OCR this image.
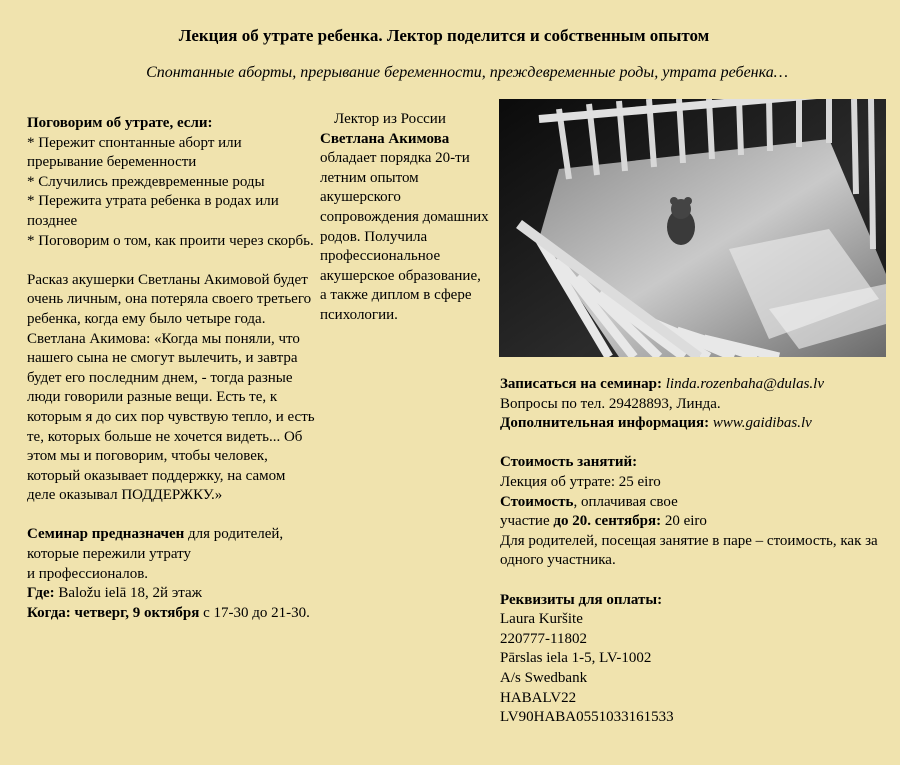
Лекция об утрате ребенка. Лектор поделится и собственным опытом
Спонтанные аборты, прерывание беременности, преждевременные роды, утрата ребенка…

Поговорим об утрате, если:

* Пережит спонтанные аборт или прерывание беременности

* Случились преждевременные роды

* Пережита утрата ребенка в родах или позднее

* Поговорим о том, как проити через скорбь.

Расказ акушерки Светланы Акимовой будет очень личным, она потеряла своего третьего ребенка, когда ему было четыре года.

Светлана Акимова: «Когда мы поняли, что нашего сына не смогут вылечить, и завтра будет его последним днем, - тогда разные люди говорили разные вещи. Есть те, к которым я до сих пор чувствую тепло, и есть те, которых больше не хочется видеть... Об этом мы и поговорим, чтобы человек, который оказывает поддержку, на самом деле оказывал ПОДДЕРЖКУ.»

Семинар предназначен для родителей, которые пережили утрату

и профессионалов.

Где: Baložu ielā 18, 2й этаж

Когда: четверг, 9 октября с 17-30 до 21-30.

Лектор из России

Светлана Акимова

обладает порядка 20-ти летним опытом акушерского сопровождения домашних родов. Получила профессиональное акушерское образование, а также диплом в сфере психологии.

Записаться на семинар: linda.rozenbaha@dulas.lv

Вопросы по тел. 29428893, Линда.

Дополнительная информация: www.gaidibas.lv

Стоимость занятий:

Лекция об утрате: 25 eiro

Стоимость, оплачивая свое

участие до 20. сентября: 20 eiro

Для родителей, посещая занятие в паре – стоимость, как за одного участника.

Реквизиты для оплаты:

Laura Kuršite

220777-11802

Pārslas iela 1-5, LV-1002

A/s Swedbank

HABALV22

LV90HABA0551033161533
